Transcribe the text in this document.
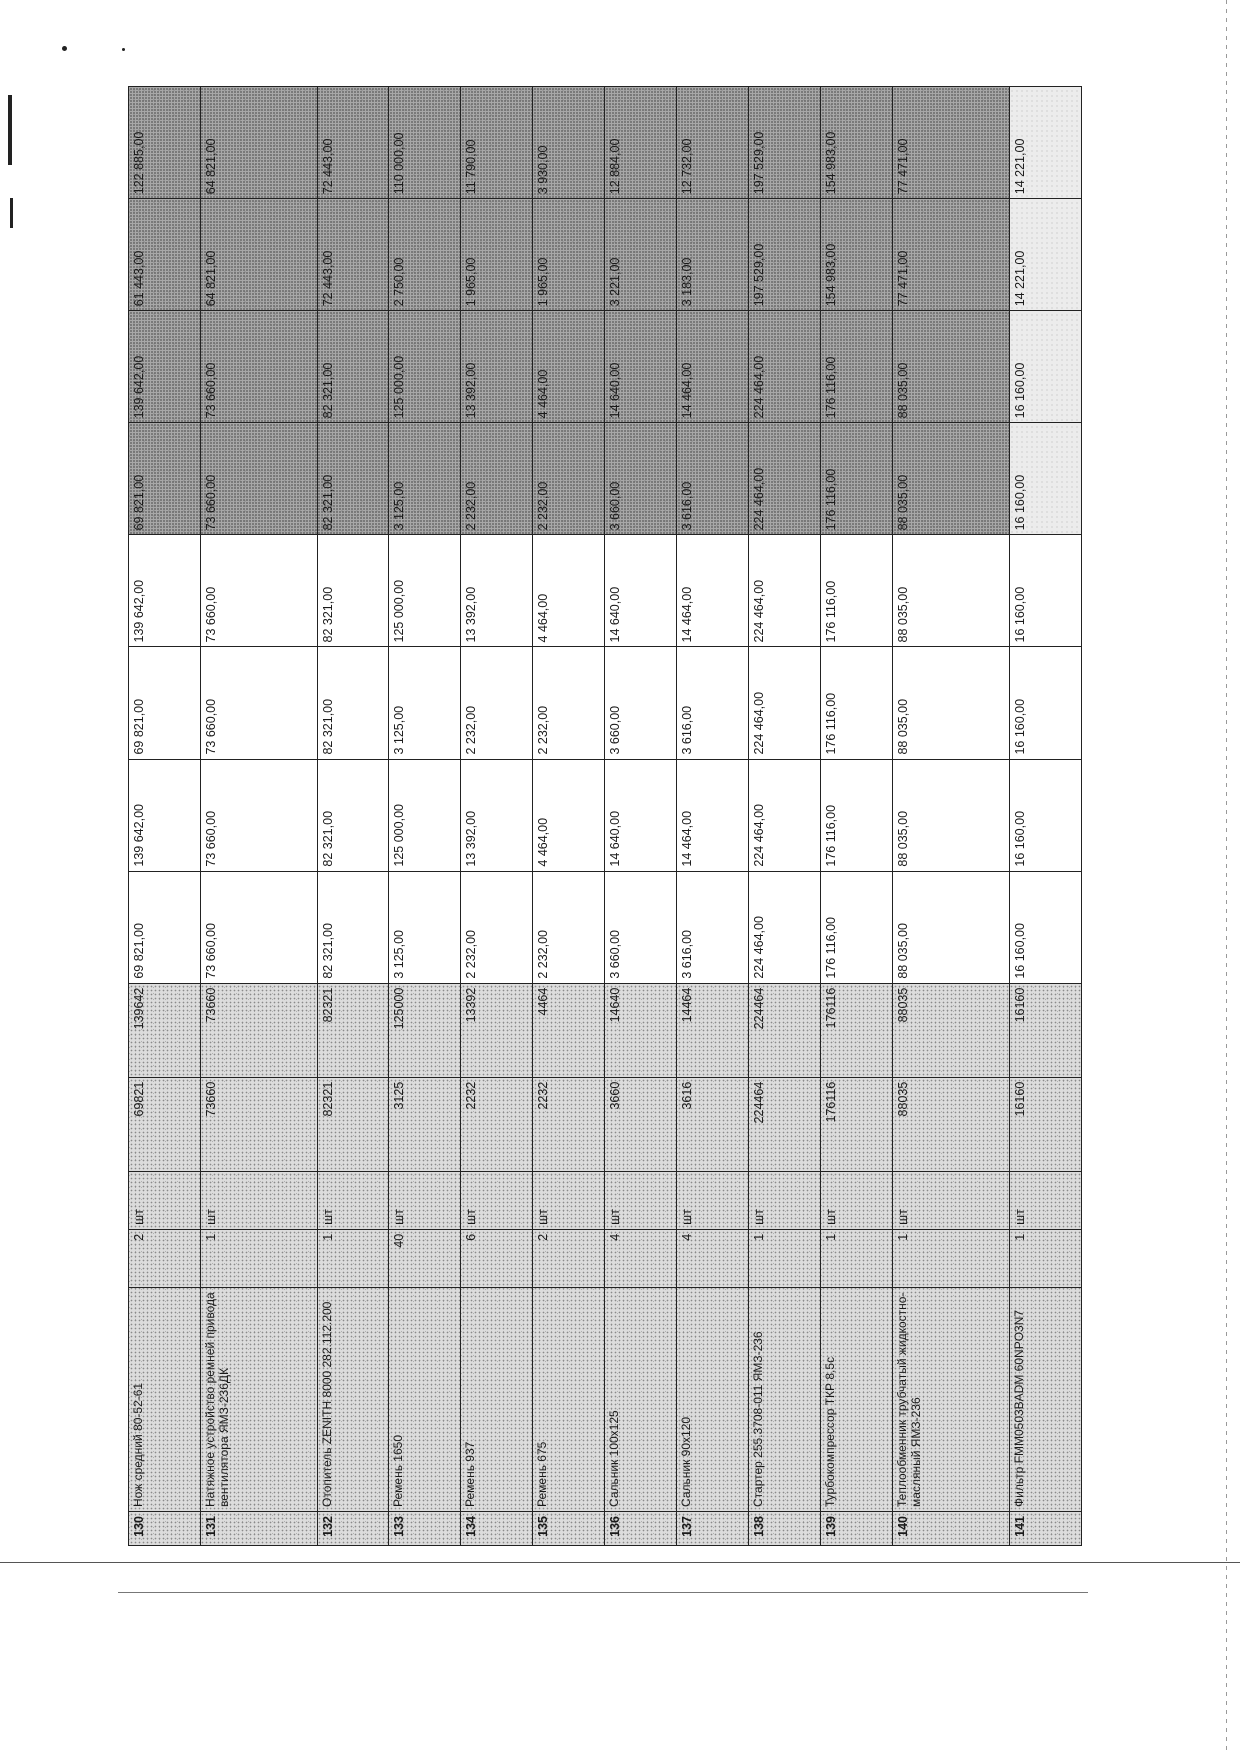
130	Нож средний 80-52-61	2	шт	69821	139642	69 821,00	139 642,00	69 821,00	139 642,00	69 821,00	139 642,00	61 443,00	122 885,00
131	Натяжное устройство ремней привода вентилятора ЯМЗ-236ДК	1	шт	73660	73660	73 660,00	73 660,00	73 660,00	73 660,00	73 660,00	73 660,00	64 821,00	64 821,00
132	Отопитель ZENITH 8000 282.112.200	1	шт	82321	82321	82 321,00	82 321,00	82 321,00	82 321,00	82 321,00	82 321,00	72 443,00	72 443,00
133	Ремень 1650	40	шт	3125	125000	3 125,00	125 000,00	3 125,00	125 000,00	3 125,00	125 000,00	2 750,00	110 000,00
134	Ремень 937	6	шт	2232	13392	2 232,00	13 392,00	2 232,00	13 392,00	2 232,00	13 392,00	1 965,00	11 790,00
135	Ремень 675	2	шт	2232	4464	2 232,00	4 464,00	2 232,00	4 464,00	2 232,00	4 464,00	1 965,00	3 930,00
136	Сальник 100x125	4	шт	3660	14640	3 660,00	14 640,00	3 660,00	14 640,00	3 660,00	14 640,00	3 221,00	12 884,00
137	Сальник 90x120	4	шт	3616	14464	3 616,00	14 464,00	3 616,00	14 464,00	3 616,00	14 464,00	3 183,00	12 732,00
138	Стартер 255.3708-011 ЯМЗ-236	1	шт	224464	224464	224 464,00	224 464,00	224 464,00	224 464,00	224 464,00	224 464,00	197 529,00	197 529,00
139	Турбокомпрессор ТКР 8,5с	1	шт	176116	176116	176 116,00	176 116,00	176 116,00	176 116,00	176 116,00	176 116,00	154 983,00	154 983,00
140	Теплообменник трубчатый жидкостно-масляный ЯМЗ-236	1	шт	88035	88035	88 035,00	88 035,00	88 035,00	88 035,00	88 035,00	88 035,00	77 471,00	77 471,00
141	Фильтр FMM0503BADM 60NPO3N7	1	шт	16160	16160	16 160,00	16 160,00	16 160,00	16 160,00	16 160,00	16 160,00	14 221,00	14 221,00
